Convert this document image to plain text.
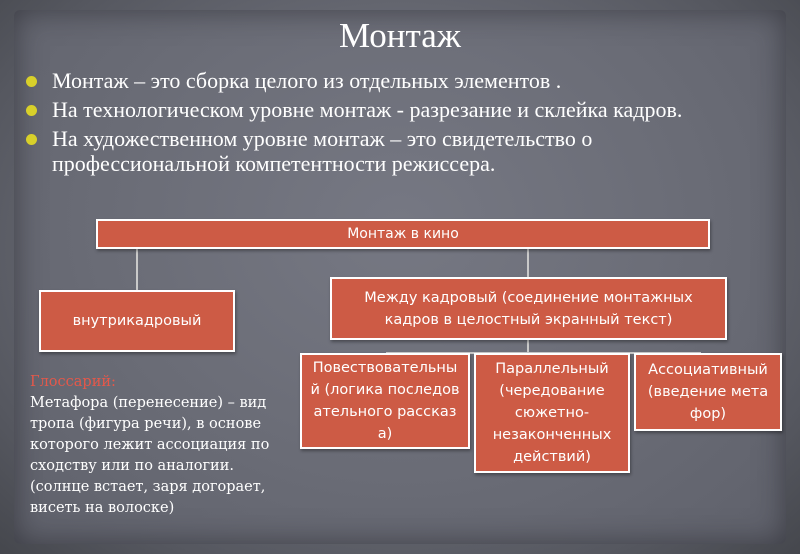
Монтаж
Монтаж – это сборка целого из отдельных элементов .
На технологическом уровне монтаж - разрезание и склейка кадров.
На художественном уровне монтаж – это свидетельство о профессиональной компетентности режиссера.
Монтаж в кино
внутрикадровый
Между кадровый (соединение монтажных кадров в целостный экранный текст)
Повествовательный (логика последовательного рассказа)
Параллельный (чередование сюжетно-незаконченных действий)
Ассоциативный (введение метафор)
Глоссарий:
Метафора (перенесение) – вид тропа (фигура речи), в основе которого лежит ассоциация по сходству или по аналогии. (солнце встает, заря догорает, висеть на волоске)
